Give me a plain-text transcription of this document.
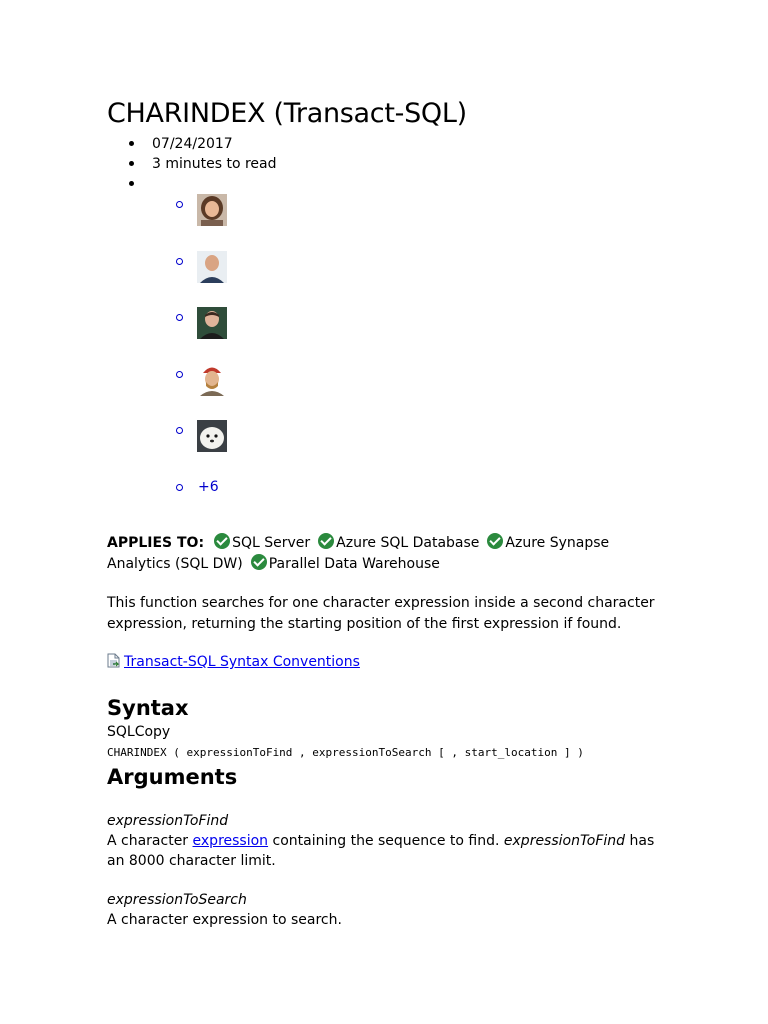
CHARINDEX (Transact-SQL)
07/24/2017
3 minutes to read
+6
APPLIES TO: SQL Server Azure SQL Database Azure Synapse Analytics (SQL DW) Parallel Data Warehouse

This function searches for one character expression inside a second character expression, returning the starting position of the first expression if found.

Transact-SQL Syntax Conventions
Syntax
SQLCopy
CHARINDEX ( expressionToFind , expressionToSearch [ , start_location ] )
Arguments
expressionToFind
A character expression containing the sequence to find. expressionToFind has an 8000 character limit.
expressionToSearch
A character expression to search.
